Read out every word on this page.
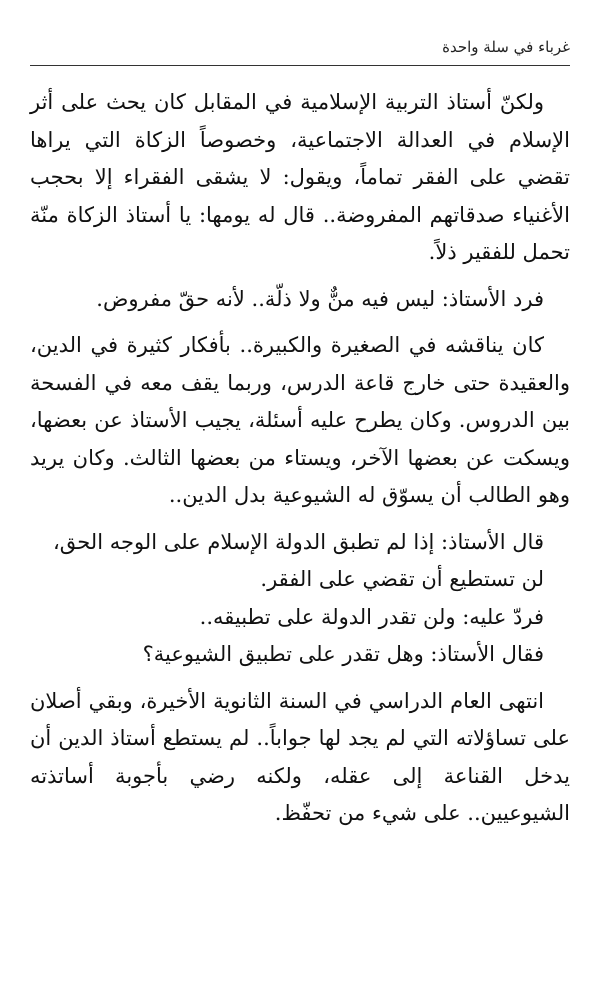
غرباء في سلة واحدة

ولكنّ أستاذ التربية الإسلامية في المقابل كان يحث على أثر الإسلام في العدالة الاجتماعية، وخصوصاً الزكاة التي يراها تقضي على الفقر تماماً، ويقول: لا يشقى الفقراء إلا بحجب الأغنياء صدقاتهم المفروضة.. قال له يومها: يا أستاذ الزكاة منّة تحمل للفقير ذلاً.

فرد الأستاذ: ليس فيه منٌّ ولا ذلّة.. لأنه حقّ مفروض.

كان يناقشه في الصغيرة والكبيرة.. بأفكار كثيرة في الدين، والعقيدة حتى خارج قاعة الدرس، وربما يقف معه في الفسحة بين الدروس. وكان يطرح عليه أسئلة، يجيب الأستاذ عن بعضها، ويسكت عن بعضها الآخر، ويستاء من بعضها الثالث. وكان يريد وهو الطالب أن يسوّق له الشيوعية بدل الدين..

قال الأستاذ: إذا لم تطبق الدولة الإسلام على الوجه الحق،
لن تستطيع أن تقضي على الفقر.
فردّ عليه: ولن تقدر الدولة على تطبيقه..
فقال الأستاذ: وهل تقدر على تطبيق الشيوعية؟

انتهى العام الدراسي في السنة الثانوية الأخيرة، وبقي أصلان على تساؤلاته التي لم يجد لها جواباً.. لم يستطع أستاذ الدين أن يدخل القناعة إلى عقله، ولكنه رضي بأجوبة أساتذته الشيوعيين.. على شيء من تحفّظ.
